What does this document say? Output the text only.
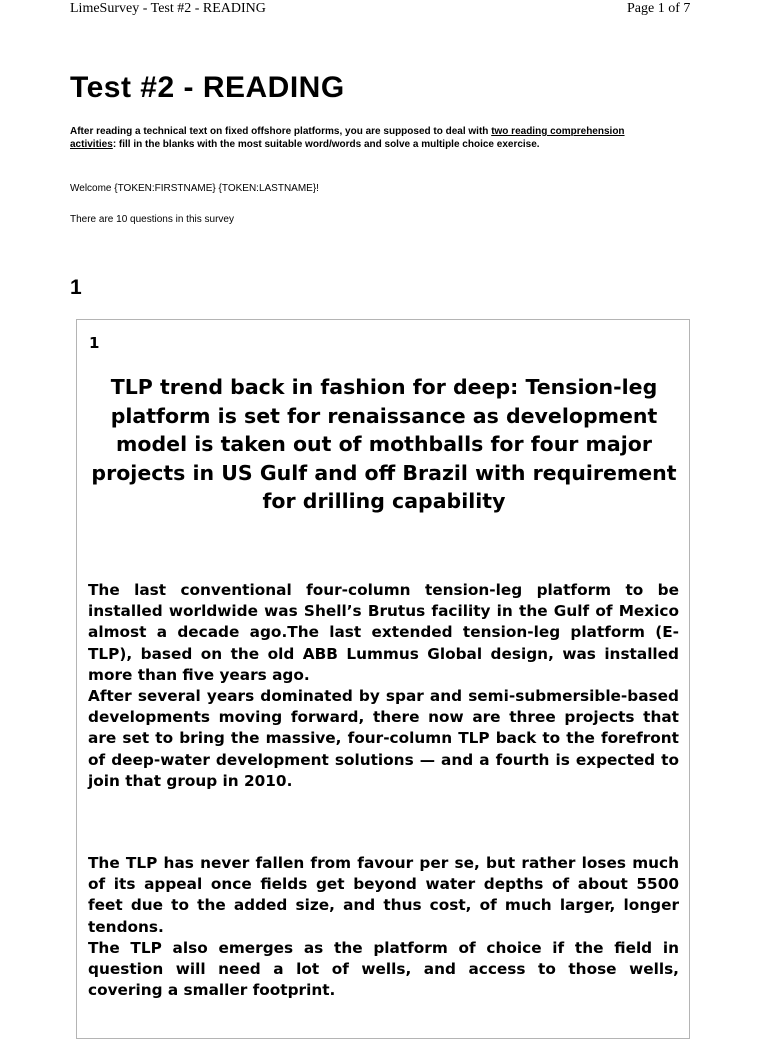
LimeSurvey - Test #2 - READING	Page 1 of 7
Test #2 - READING
After reading a technical text on fixed offshore platforms, you are supposed to deal with two reading comprehension activities: fill in the blanks with the most suitable word/words and solve a multiple choice exercise.
Welcome {TOKEN:FIRSTNAME} {TOKEN:LASTNAME}!
There are 10 questions in this survey
1
1
TLP trend back in fashion for deep: Tension-leg platform is set for renaissance as development model is taken out of mothballs for four major projects in US Gulf and off Brazil with requirement for drilling capability
The last conventional four-column tension-leg platform to be installed worldwide was Shell’s Brutus facility in the Gulf of Mexico almost a decade ago.The last extended tension-leg platform (E-TLP), based on the old ABB Lummus Global design, was installed more than five years ago.
After several years dominated by spar and semi-submersible-based developments moving forward, there now are three projects that are set to bring the massive, four-column TLP back to the forefront of deep-water development solutions — and a fourth is expected to join that group in 2010.
The TLP has never fallen from favour per se, but rather loses much of its appeal once fields get beyond water depths of about 5500 feet due to the added size, and thus cost, of much larger, longer tendons.
The TLP also emerges as the platform of choice if the field in question will need a lot of wells, and access to those wells, covering a smaller footprint.
